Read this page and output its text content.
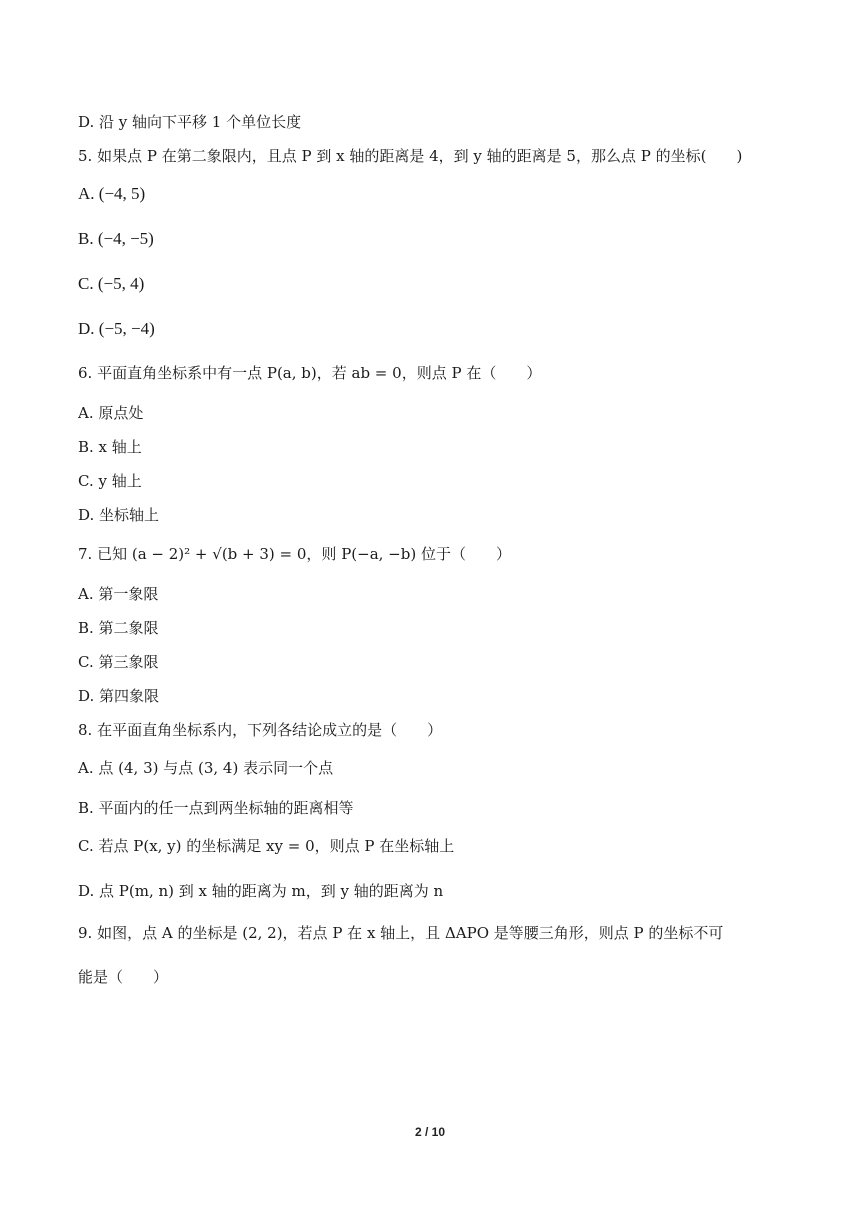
D. 沿 y 轴向下平移 1 个单位长度
5. 如果点 P 在第二象限内，且点 P 到 x 轴的距离是 4，到 y 轴的距离是 5，那么点 P 的坐标(　　)
A. (−4, 5)
B. (−4, −5)
C. (−5, 4)
D. (−5, −4)
6. 平面直角坐标系中有一点 P(a, b)，若 ab = 0，则点 P 在（　　）
A. 原点处
B. x 轴上
C. y 轴上
D. 坐标轴上
7. 已知 (a − 2)² + √(b + 3) = 0，则 P(−a, −b) 位于（　　）
A. 第一象限
B. 第二象限
C. 第三象限
D. 第四象限
8. 在平面直角坐标系内，下列各结论成立的是（　　）
A. 点 (4, 3) 与点 (3, 4) 表示同一个点
B. 平面内的任一点到两坐标轴的距离相等
C. 若点 P(x, y) 的坐标满足 xy = 0，则点 P 在坐标轴上
D. 点 P(m, n) 到 x 轴的距离为 m，到 y 轴的距离为 n
9. 如图，点 A 的坐标是 (2, 2)，若点 P 在 x 轴上，且 ΔAPO 是等腰三角形，则点 P 的坐标不可
能是（　　）
2 / 10
